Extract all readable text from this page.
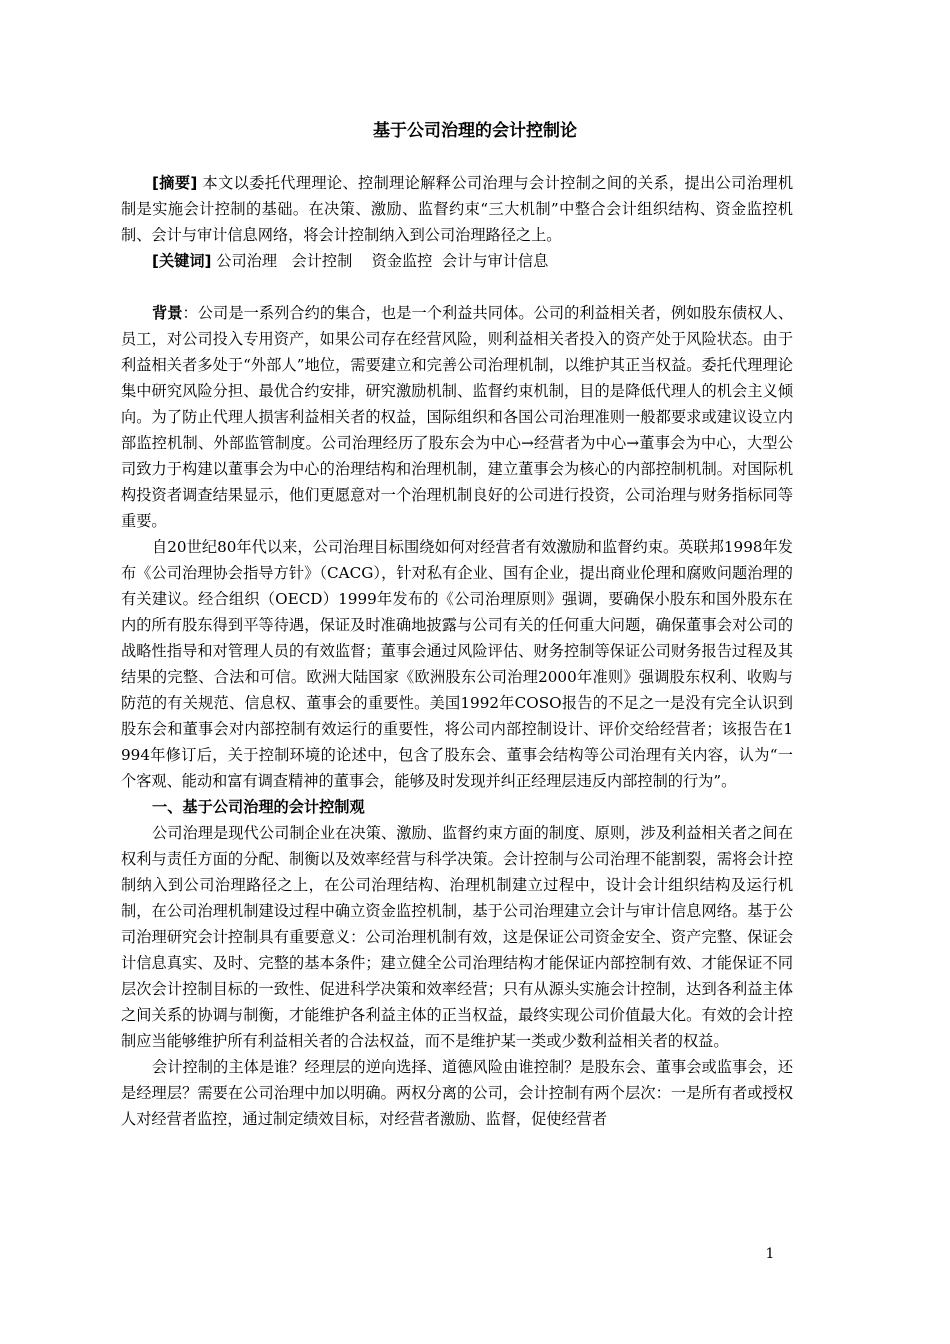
基于公司治理的会计控制论

[摘要] 本文以委托代理理论、控制理论解释公司治理与会计控制之间的关系，提出公司治理机制是实施会计控制的基础。在决策、激励、监督约束“三大机制”中整合会计组织结构、资金监控机制、会计与审计信息网络，将会计控制纳入到公司治理路径之上。

[关键词] 公司治理   会计控制    资金监控  会计与审计信息

背景：公司是一系列合约的集合，也是一个利益共同体。公司的利益相关者，例如股东债权人、员工，对公司投入专用资产，如果公司存在经营风险，则利益相关者投入的资产处于风险状态。由于利益相关者多处于“外部人”地位，需要建立和完善公司治理机制，以维护其正当权益。委托代理理论集中研究风险分担、最优合约安排，研究激励机制、监督约束机制，目的是降低代理人的机会主义倾向。为了防止代理人损害利益相关者的权益，国际组织和各国公司治理准则一般都要求或建议设立内部监控机制、外部监管制度。公司治理经历了股东会为中心→经营者为中心→董事会为中心，大型公司致力于构建以董事会为中心的治理结构和治理机制，建立董事会为核心的内部控制机制。对国际机构投资者调查结果显示，他们更愿意对一个治理机制良好的公司进行投资，公司治理与财务指标同等重要。

自20世纪80年代以来，公司治理目标围绕如何对经营者有效激励和监督约束。英联邦1998年发布《公司治理协会指导方针》（CACG），针对私有企业、国有企业，提出商业伦理和腐败问题治理的有关建议。经合组织（OECD）1999年发布的《公司治理原则》强调，要确保小股东和国外股东在内的所有股东得到平等待遇，保证及时准确地披露与公司有关的任何重大问题，确保董事会对公司的战略性指导和对管理人员的有效监督；董事会通过风险评估、财务控制等保证公司财务报告过程及其结果的完整、合法和可信。欧洲大陆国家《欧洲股东公司治理2000年准则》强调股东权利、收购与防范的有关规范、信息权、董事会的重要性。美国1992年COSO报告的不足之一是没有完全认识到股东会和董事会对内部控制有效运行的重要性，将公司内部控制设计、评价交给经营者；该报告在1994年修订后，关于控制环境的论述中，包含了股东会、董事会结构等公司治理有关内容，认为“一个客观、能动和富有调查精神的董事会，能够及时发现并纠正经理层违反内部控制的行为”。

一、基于公司治理的会计控制观

公司治理是现代公司制企业在决策、激励、监督约束方面的制度、原则，涉及利益相关者之间在权利与责任方面的分配、制衡以及效率经营与科学决策。会计控制与公司治理不能割裂，需将会计控制纳入到公司治理路径之上，在公司治理结构、治理机制建立过程中，设计会计组织结构及运行机制，在公司治理机制建设过程中确立资金监控机制，基于公司治理建立会计与审计信息网络。基于公司治理研究会计控制具有重要意义：公司治理机制有效，这是保证公司资金安全、资产完整、保证会计信息真实、及时、完整的基本条件；建立健全公司治理结构才能保证内部控制有效、才能保证不同层次会计控制目标的一致性、促进科学决策和效率经营；只有从源头实施会计控制，达到各利益主体之间关系的协调与制衡，才能维护各利益主体的正当权益，最终实现公司价值最大化。有效的会计控制应当能够维护所有利益相关者的合法权益，而不是维护某一类或少数利益相关者的权益。

会计控制的主体是谁？经理层的逆向选择、道德风险由谁控制？是股东会、董事会或监事会，还是经理层？需要在公司治理中加以明确。两权分离的公司，会计控制有两个层次：一是所有者或授权人对经营者监控，通过制定绩效目标，对经营者激励、监督，促使经营者

1
